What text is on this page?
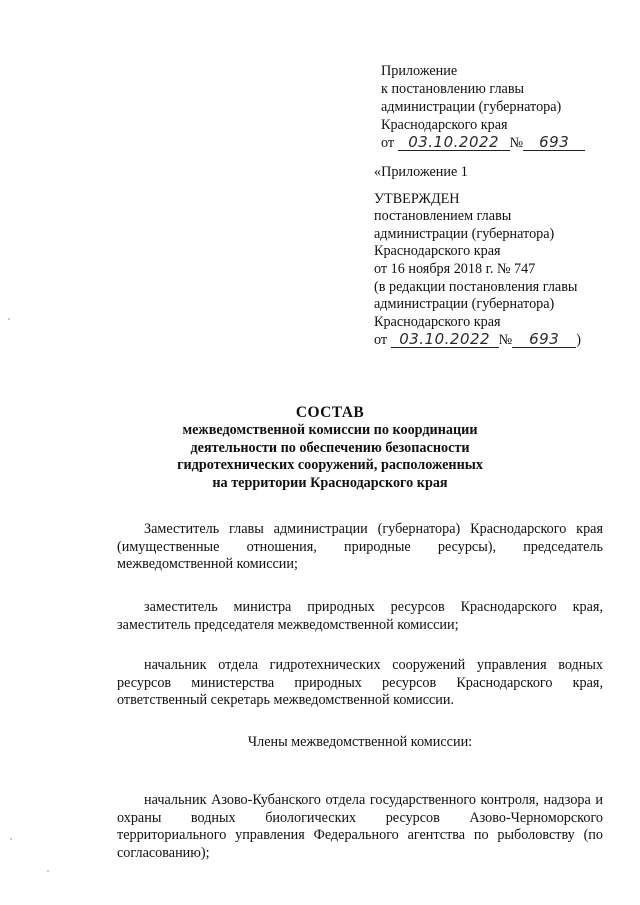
Приложение
к постановлению главы
администрации (губернатора)
Краснодарского края
от 03.10.2022 № 693
«Приложение 1
УТВЕРЖДЕН
постановлением главы
администрации (губернатора)
Краснодарского края
от 16 ноября 2018 г. № 747
(в редакции постановления главы
администрации (губернатора)
Краснодарского края
от 03.10.2022 № 693 )
СОСТАВ
межведомственной комиссии по координации
деятельности по обеспечению безопасности
гидротехнических сооружений, расположенных
на территории Краснодарского края
Заместитель главы администрации (губернатора) Краснодарского края (имущественные отношения, природные ресурсы), председатель межведомственной комиссии;
заместитель министра природных ресурсов Краснодарского края, заместитель председателя межведомственной комиссии;
начальник отдела гидротехнических сооружений управления водных ресурсов министерства природных ресурсов Краснодарского края, ответственный секретарь межведомственной комиссии.
Члены межведомственной комиссии:
начальник Азово-Кубанского отдела государственного контроля, надзора и охраны водных биологических ресурсов Азово-Черноморского территориального управления Федерального агентства по рыболовству (по согласованию);
